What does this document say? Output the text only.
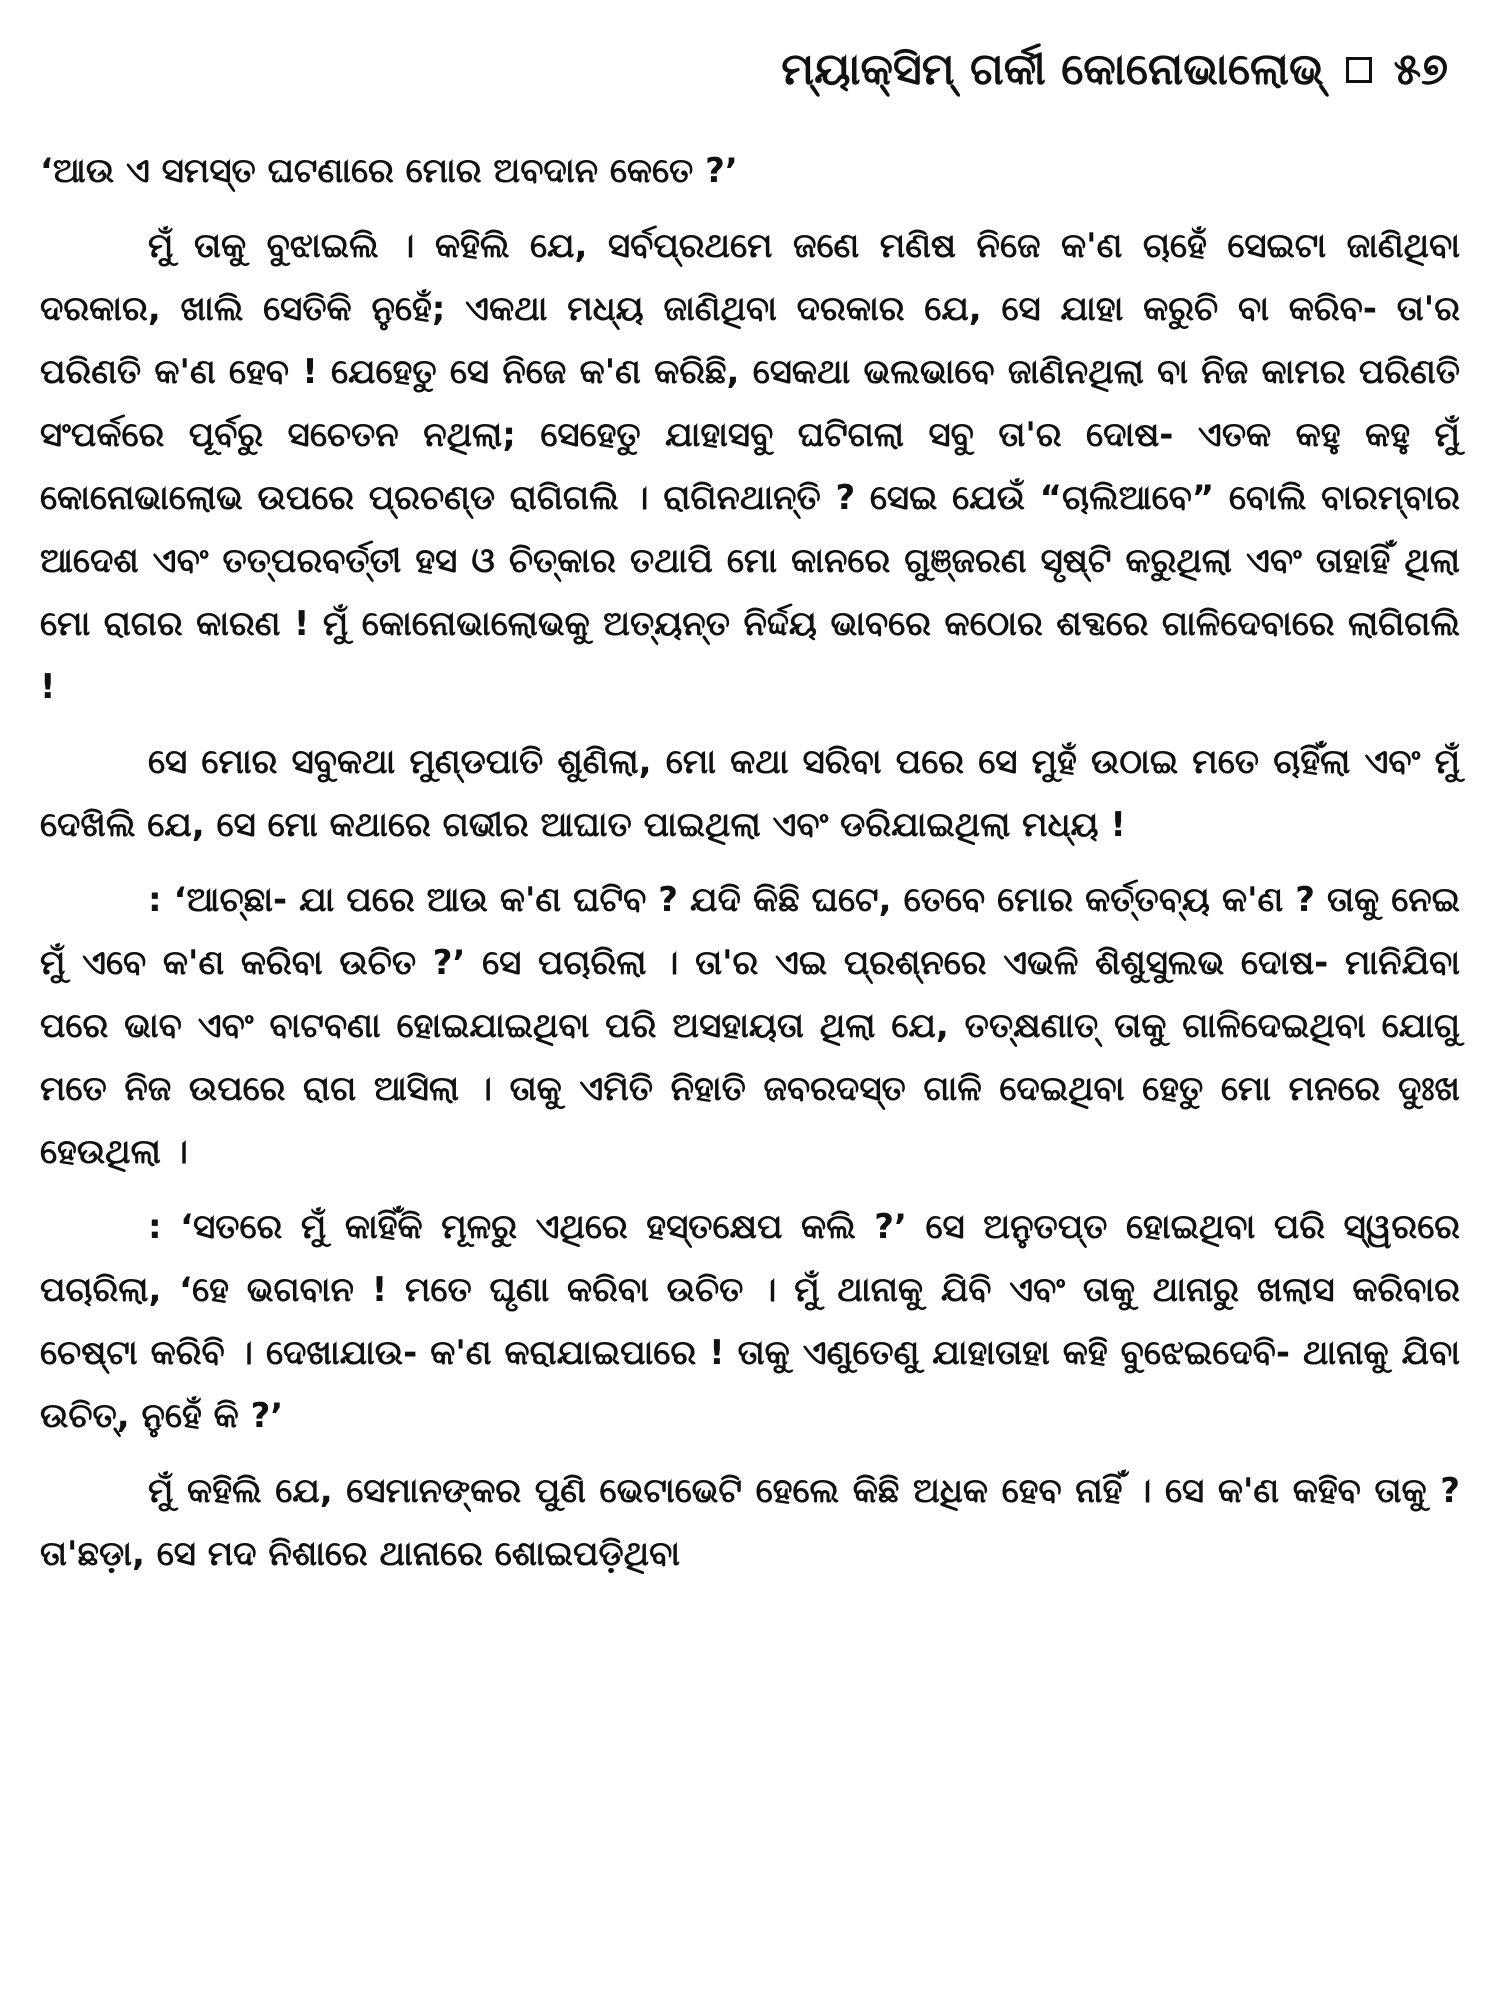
ମ୍ୟାକ୍ସିମ୍ ଗର୍କୀ କୋନୋଭାଲୋଭ୍ ୫୭

‘ଆଉ ଏ ସମସ୍ତ ଘଟଣାରେ ମୋର ଅବଦାନ କେତେ ?’

ମୁଁ ତାକୁ ବୁଝାଇଲି । କହିଲି ଯେ, ସର୍ବପ୍ରଥମେ ଜଣେ ମଣିଷ ନିଜେ କ'ଣ ଚାହେଁ ସେଇଟା ଜାଣିଥିବା ଦରକାର, ଖାଲି ସେତିକି ନୁହେଁ; ଏକଥା ମଧ୍ୟ ଜାଣିଥିବା ଦରକାର ଯେ, ସେ ଯାହା କରୁଚି ବା କରିବ- ତା'ର ପରିଣତି କ'ଣ ହେବ ! ଯେହେତୁ ସେ ନିଜେ କ'ଣ କରିଛି, ସେକଥା ଭଲଭାବେ ଜାଣିନଥିଲା ବା ନିଜ କାମର ପରିଣତି ସଂପର୍କରେ ପୂର୍ବରୁ ସଚେତନ ନଥିଲା; ସେହେତୁ ଯାହାସବୁ ଘଟିଗଲା ସବୁ ତା'ର ଦୋଷ- ଏତକ କହୁ କହୁ ମୁଁ କୋନୋଭାଲୋଭ ଉପରେ ପ୍ରଚଣ୍ଡ ରାଗିଗଲି । ରାଗିନଥାନ୍ତି ? ସେଇ ଯେଉଁ “ଚାଲିଆବେ” ବୋଲି ବାରମ୍ବାର ଆଦେଶ ଏବଂ ତତ୍‌ପରବର୍ତ୍ତୀ ହସ ଓ ଚିତ୍କାର ତଥାପି ମୋ କାନରେ ଗୁଞ୍ଜରଣ ସୃଷ୍ଟି କରୁଥିଲା ଏବଂ ତାହାହିଁ ଥିଲା ମୋ ରାଗର କାରଣ ! ମୁଁ କୋନୋଭାଲୋଭକୁ ଅତ୍ୟନ୍ତ ନିର୍ଦ୍ଦୟ ଭାବରେ କଠୋର ଶବ୍ଦରେ ଗାଳିଦେବାରେ ଲାଗିଗଲି !

ସେ ମୋର ସବୁକଥା ମୁଣ୍ଡପାତି ଶୁଣିଲା, ମୋ କଥା ସରିବା ପରେ ସେ ମୁହଁ ଉଠାଇ ମତେ ଚାହିଁଲା ଏବଂ ମୁଁ ଦେଖିଲି ଯେ, ସେ ମୋ କଥାରେ ଗଭୀର ଆଘାତ ପାଇଥିଲା ଏବଂ ଡରିଯାଇଥିଲା ମଧ୍ୟ !

: ‘ଆଚ୍ଛା- ଯା ପରେ ଆଉ କ'ଣ ଘଟିବ ? ଯଦି କିଛି ଘଟେ, ତେବେ ମୋର କର୍ତ୍ତବ୍ୟ କ'ଣ ? ତାକୁ ନେଇ ମୁଁ ଏବେ କ'ଣ କରିବା ଉଚିତ ?’ ସେ ପଚାରିଲା । ତା'ର ଏଇ ପ୍ରଶ୍ନରେ ଏଭଳି ଶିଶୁସୁଲଭ ଦୋଷ- ମାନିଯିବା ପରେ ଭାବ ଏବଂ ବାଟବଣା ହୋଇଯାଇଥିବା ପରି ଅସହାୟତା ଥିଲା ଯେ, ତତ୍‌କ୍ଷଣାତ୍ ତାକୁ ଗାଳିଦେଇଥିବା ଯୋଗୁ ମତେ ନିଜ ଉପରେ ରାଗ ଆସିଲା । ତାକୁ ଏମିତି ନିହାତି ଜବରଦସ୍ତ ଗାଳି ଦେଇଥିବା ହେତୁ ମୋ ମନରେ ଦୁଃଖ ହେଉଥିଲା ।

: ‘ସତରେ ମୁଁ କାହିଁକି ମୂଳରୁ ଏଥିରେ ହସ୍ତକ୍ଷେପ କଲି ?’ ସେ ଅନୁତପ୍ତ ହୋଇଥିବା ପରି ସ୍ୱରରେ ପଚାରିଲା, ‘ହେ ଭଗବାନ ! ମତେ ଘୃଣା କରିବା ଉଚିତ । ମୁଁ ଥାନାକୁ ଯିବି ଏବଂ ତାକୁ ଥାନାରୁ ଖଲାସ କରିବାର ଚେଷ୍ଟା କରିବି । ଦେଖାଯାଉ- କ'ଣ କରାଯାଇପାରେ ! ତାକୁ ଏଣୁତେଣୁ ଯାହାତାହା କହି ବୁଝେଇଦେବି- ଥାନାକୁ ଯିବା ଉଚିତ୍, ନୁହେଁ କି ?’

ମୁଁ କହିଲି ଯେ, ସେମାନଙ୍କର ପୁଣି ଭେଟାଭେଟି ହେଲେ କିଛି ଅଧିକ ହେବ ନାହିଁ । ସେ କ'ଣ କହିବ ତାକୁ ? ତା'ଛଡ଼ା, ସେ ମଦ ନିଶାରେ ଥାନାରେ ଶୋଇପଡ଼ିଥିବା
